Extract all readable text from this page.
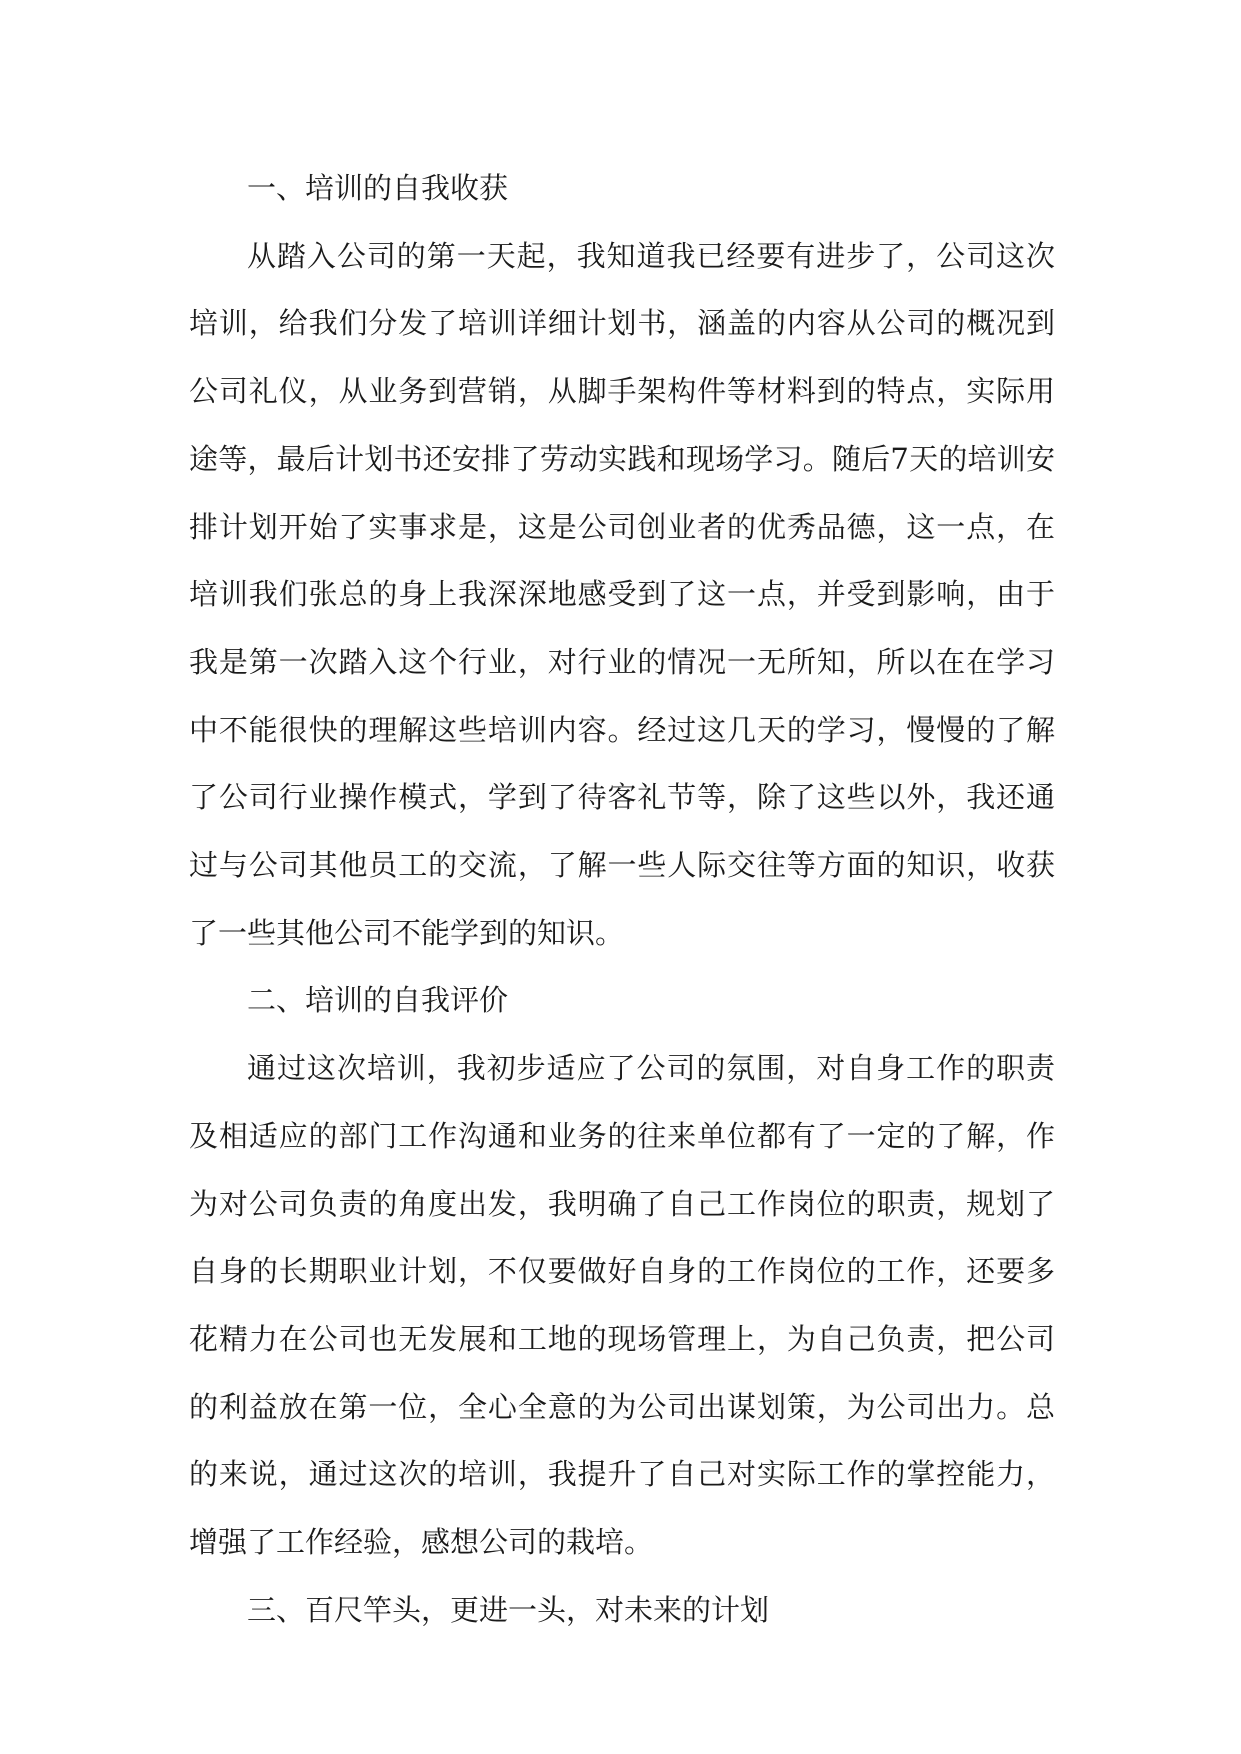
一、培训的自我收获

从踏入公司的第一天起，我知道我已经要有进步了，公司这次培训，给我们分发了培训详细计划书，涵盖的内容从公司的概况到公司礼仪，从业务到营销，从脚手架构件等材料到的特点，实际用途等，最后计划书还安排了劳动实践和现场学习。随后7天的培训安排计划开始了实事求是，这是公司创业者的优秀品德，这一点，在培训我们张总的身上我深深地感受到了这一点，并受到影响，由于我是第一次踏入这个行业，对行业的情况一无所知，所以在在学习中不能很快的理解这些培训内容。经过这几天的学习，慢慢的了解了公司行业操作模式，学到了待客礼节等，除了这些以外，我还通过与公司其他员工的交流，了解一些人际交往等方面的知识，收获了一些其他公司不能学到的知识。

二、培训的自我评价

通过这次培训，我初步适应了公司的氛围，对自身工作的职责及相适应的部门工作沟通和业务的往来单位都有了一定的了解，作为对公司负责的角度出发，我明确了自己工作岗位的职责，规划了自身的长期职业计划，不仅要做好自身的工作岗位的工作，还要多花精力在公司也无发展和工地的现场管理上，为自己负责，把公司的利益放在第一位，全心全意的为公司出谋划策，为公司出力。总的来说，通过这次的培训，我提升了自己对实际工作的掌控能力，增强了工作经验，感想公司的栽培。

三、百尺竿头，更进一头，对未来的计划
